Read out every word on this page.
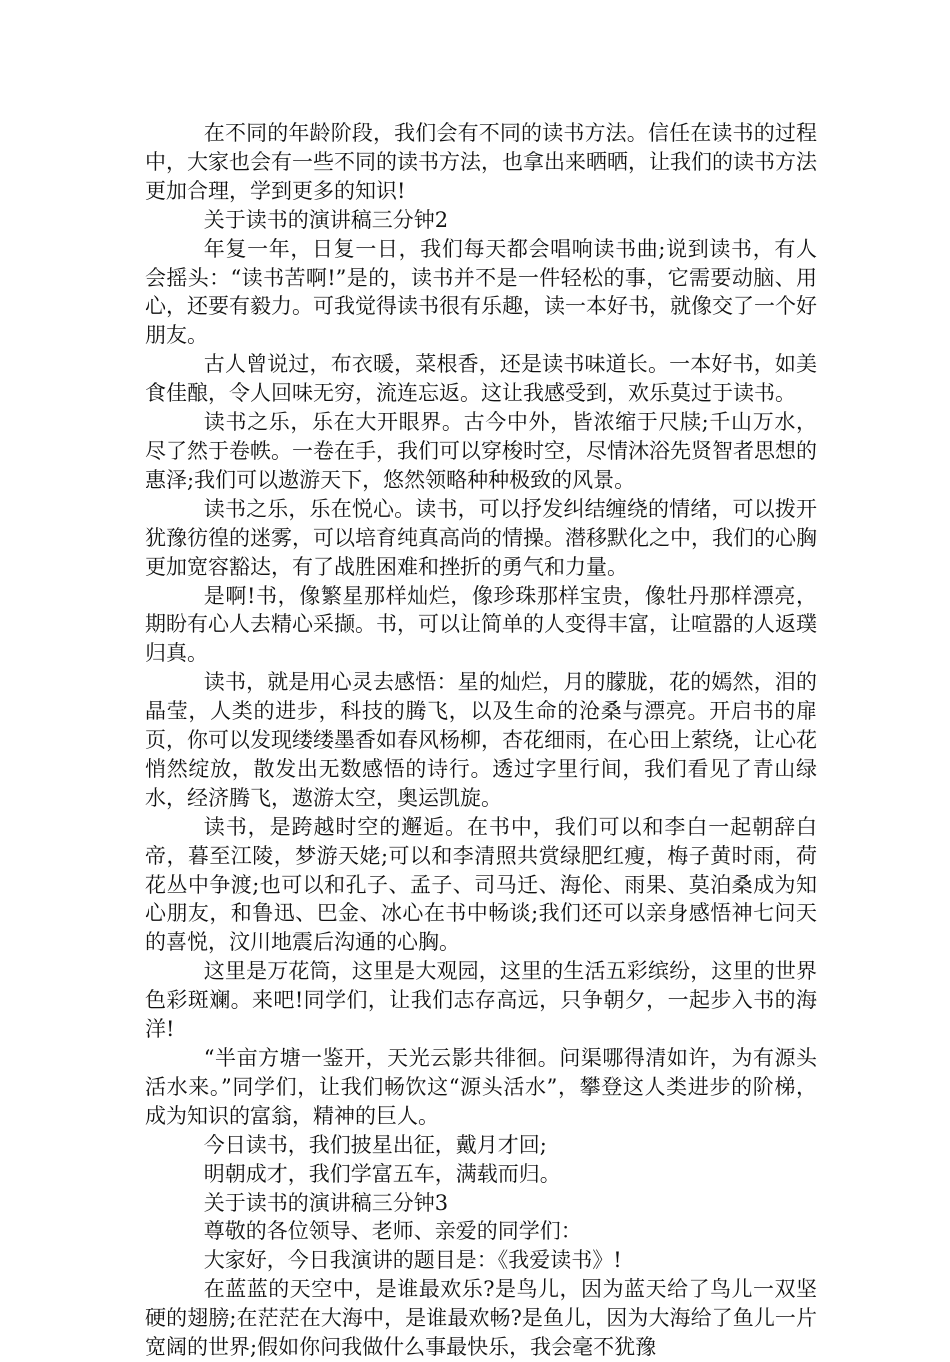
在不同的年龄阶段，我们会有不同的读书方法。信任在读书的过程中，大家也会有一些不同的读书方法，也拿出来晒晒，让我们的读书方法更加合理，学到更多的知识!

关于读书的演讲稿三分钟2

年复一年，日复一日，我们每天都会唱响读书曲;说到读书，有人会摇头：“读书苦啊!”是的，读书并不是一件轻松的事，它需要动脑、用心，还要有毅力。可我觉得读书很有乐趣，读一本好书，就像交了一个好朋友。

古人曾说过，布衣暖，菜根香，还是读书味道长。一本好书，如美食佳酿，令人回味无穷，流连忘返。这让我感受到，欢乐莫过于读书。

读书之乐，乐在大开眼界。古今中外，皆浓缩于尺牍;千山万水，尽了然于卷帙。一卷在手，我们可以穿梭时空，尽情沐浴先贤智者思想的惠泽;我们可以遨游天下，悠然领略种种极致的风景。

读书之乐，乐在悦心。读书，可以抒发纠结缠绕的情绪，可以拨开犹豫彷徨的迷雾，可以培育纯真高尚的情操。潜移默化之中，我们的心胸更加宽容豁达，有了战胜困难和挫折的勇气和力量。

是啊!书，像繁星那样灿烂，像珍珠那样宝贵，像牡丹那样漂亮，期盼有心人去精心采撷。书，可以让简单的人变得丰富，让喧嚣的人返璞归真。

读书，就是用心灵去感悟：星的灿烂，月的朦胧，花的嫣然，泪的晶莹，人类的进步，科技的腾飞，以及生命的沧桑与漂亮。开启书的扉页，你可以发现缕缕墨香如春风杨柳，杏花细雨，在心田上萦绕，让心花悄然绽放，散发出无数感悟的诗行。透过字里行间，我们看见了青山绿水，经济腾飞，遨游太空，奥运凯旋。

读书，是跨越时空的邂逅。在书中，我们可以和李白一起朝辞白帝，暮至江陵，梦游天姥;可以和李清照共赏绿肥红瘦，梅子黄时雨，荷花丛中争渡;也可以和孔子、孟子、司马迁、海伦、雨果、莫泊桑成为知心朋友，和鲁迅、巴金、冰心在书中畅谈;我们还可以亲身感悟神七问天的喜悦，汶川地震后沟通的心胸。

这里是万花筒，这里是大观园，这里的生活五彩缤纷，这里的世界色彩斑斓。来吧!同学们，让我们志存高远，只争朝夕，一起步入书的海洋!

“半亩方塘一鉴开，天光云影共徘徊。问渠哪得清如许，为有源头活水来。”同学们，让我们畅饮这“源头活水”，攀登这人类进步的阶梯，成为知识的富翁，精神的巨人。

今日读书，我们披星出征，戴月才回;

明朝成才，我们学富五车，满载而归。

关于读书的演讲稿三分钟3

尊敬的各位领导、老师、亲爱的同学们：

大家好，今日我演讲的题目是：《我爱读书》!

在蓝蓝的天空中，是谁最欢乐?是鸟儿，因为蓝天给了鸟儿一双坚硬的翅膀;在茫茫在大海中，是谁最欢畅?是鱼儿，因为大海给了鱼儿一片宽阔的世界;假如你问我做什么事最快乐，我会毫不犹豫
